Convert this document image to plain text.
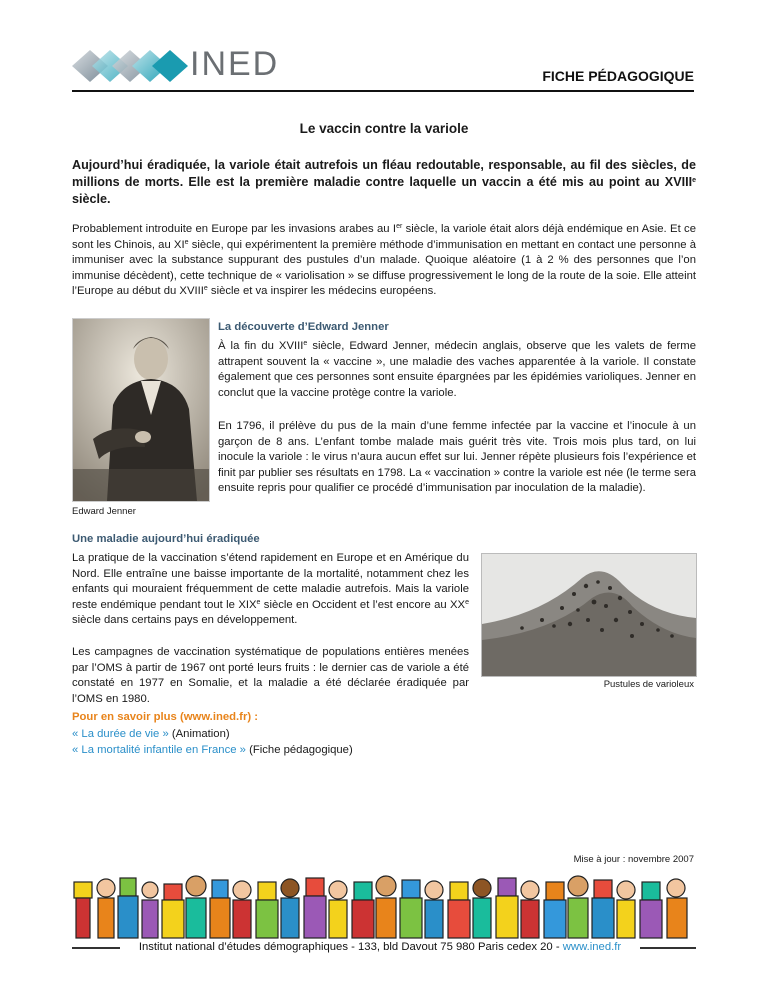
INED	FICHE PÉDAGOGIQUE
Le vaccin contre la variole
Aujourd’hui éradiquée, la variole était autrefois un fléau redoutable, responsable, au fil des siècles, de millions de morts. Elle est la première maladie contre laquelle un vaccin a été mis au point au XVIIIe siècle.
Probablement introduite en Europe par les invasions arabes au Ier siècle, la variole était alors déjà endémique en Asie. Et ce sont les Chinois, au XIe siècle, qui expérimentent la première méthode d’immunisation en mettant en contact une personne à immuniser avec la substance suppurant des pustules d’un malade. Quoique aléatoire (1 à 2 % des personnes que l’on immunise décèdent), cette technique de « variolisation » se diffuse progressivement le long de la route de la soie. Elle atteint l’Europe au début du XVIIIe siècle et va inspirer les médecins européens.
Edward Jenner
La découverte d’Edward Jenner
À la fin du XVIIIe siècle, Edward Jenner, médecin anglais, observe que les valets de ferme attrapent souvent la « vaccine », une maladie des vaches apparentée à la variole. Il constate également que ces personnes sont ensuite épargnées par les épidémies varioliques. Jenner en conclut que la vaccine protège contre la variole.
En 1796, il prélève du pus de la main d’une femme infectée par la vaccine et l’inocule à un garçon de 8 ans. L’enfant tombe malade mais guérit très vite. Trois mois plus tard, on lui inocule la variole : le virus n’aura aucun effet sur lui. Jenner répète plusieurs fois l’expérience et finit par publier ses résultats en 1798. La « vaccination » contre la variole est née (le terme sera ensuite repris pour qualifier ce procédé d’immunisation par inoculation de la maladie).
Une maladie aujourd’hui éradiquée
La pratique de la vaccination s’étend rapidement en Europe et en Amérique du Nord. Elle entraîne une baisse importante de la mortalité, notamment chez les enfants qui mouraient fréquemment de cette maladie autrefois. Mais la variole reste endémique pendant tout le XIXe siècle en Occident et l’est encore au XXe siècle dans certains pays en développement.
Les campagnes de vaccination systématique de populations entières menées par l’OMS à partir de 1967 ont porté leurs fruits : le dernier cas de variole a été constaté en 1977 en Somalie, et la maladie a été déclarée éradiquée par l’OMS en 1980.
Pustules de varioleux
Pour en savoir plus (www.ined.fr) :
« La durée de vie » (Animation)
« La mortalité infantile en France » (Fiche pédagogique)
Mise à jour : novembre 2007
Institut national d’études démographiques - 133, bld Davout 75 980 Paris cedex 20 - www.ined.fr
